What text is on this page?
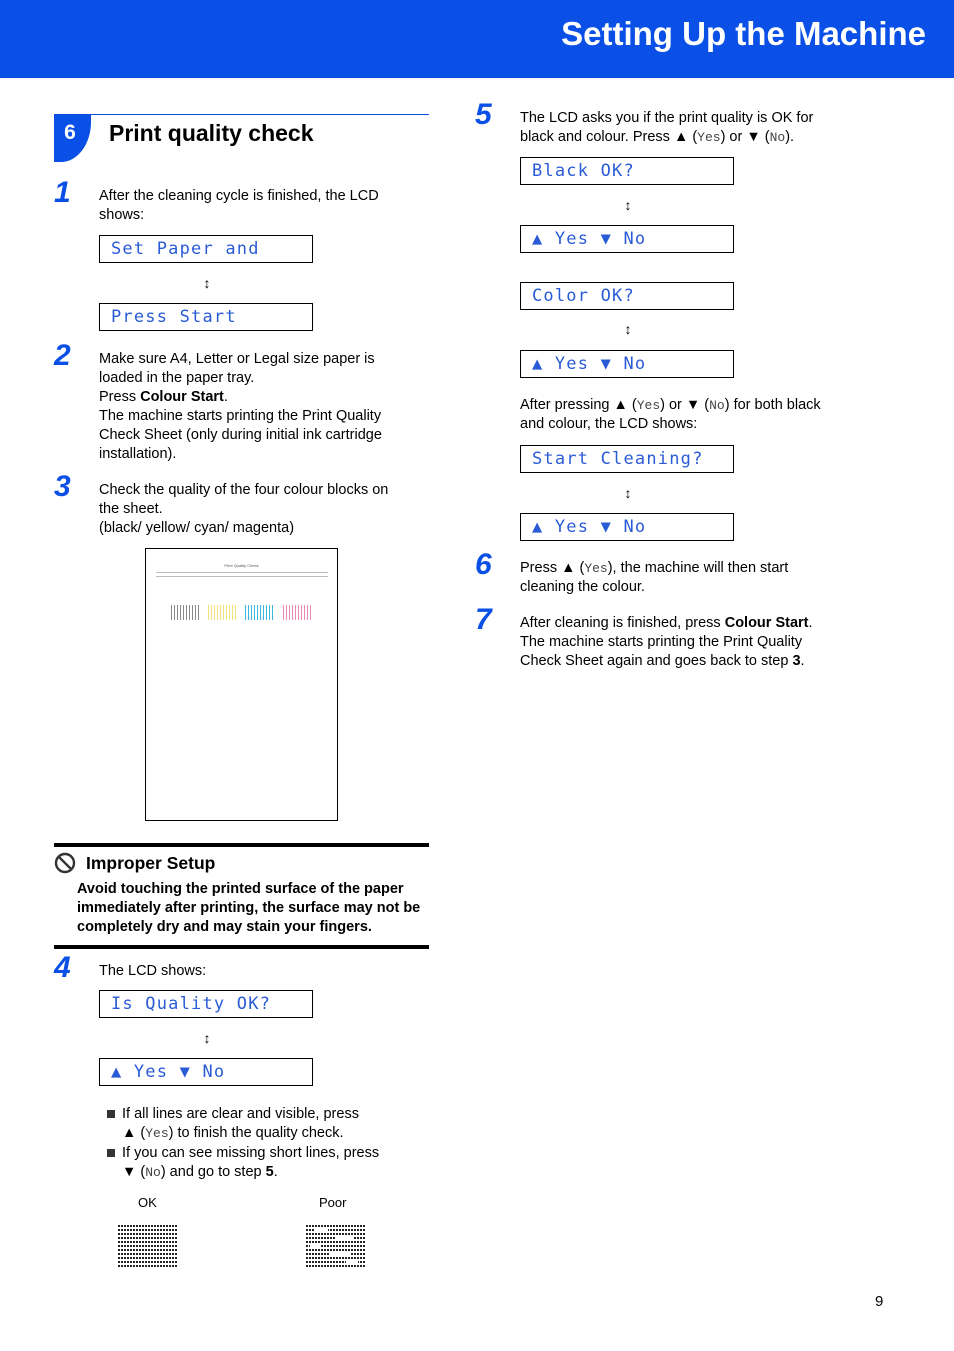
Setting Up the Machine
6	Print quality check
1 After the cleaning cycle is finished, the LCD shows:
Set Paper and
↕
Press Start
2 Make sure A4, Letter or Legal size paper is
loaded in the paper tray.
Press Colour Start.
The machine starts printing the Print Quality
Check Sheet (only during initial ink cartridge
installation).
3 Check the quality of the four colour blocks on
the sheet.
(black/ yellow/ cyan/ magenta)
Print Quality Check
Improper Setup
Avoid touching the printed surface of the paper immediately after printing, the surface may not be completely dry and may stain your fingers.
4 The LCD shows:
Is Quality OK?
↕
▲ Yes ▼ No
If all lines are clear and visible, press
▲ (Yes) to finish the quality check.
If you can see missing short lines, press
▼ (No) and go to step 5.
OK	Poor
5 The LCD asks you if the print quality is OK for
black and colour. Press ▲ (Yes) or ▼ (No).
Black OK?
↕
▲ Yes ▼ No
Color OK?
↕
▲ Yes ▼ No
After pressing ▲ (Yes) or ▼ (No) for both black
and colour, the LCD shows:
Start Cleaning?
↕
▲ Yes ▼ No
6 Press ▲ (Yes), the machine will then start
cleaning the colour.
7 After cleaning is finished, press Colour Start.
The machine starts printing the Print Quality
Check Sheet again and goes back to step 3.
9
